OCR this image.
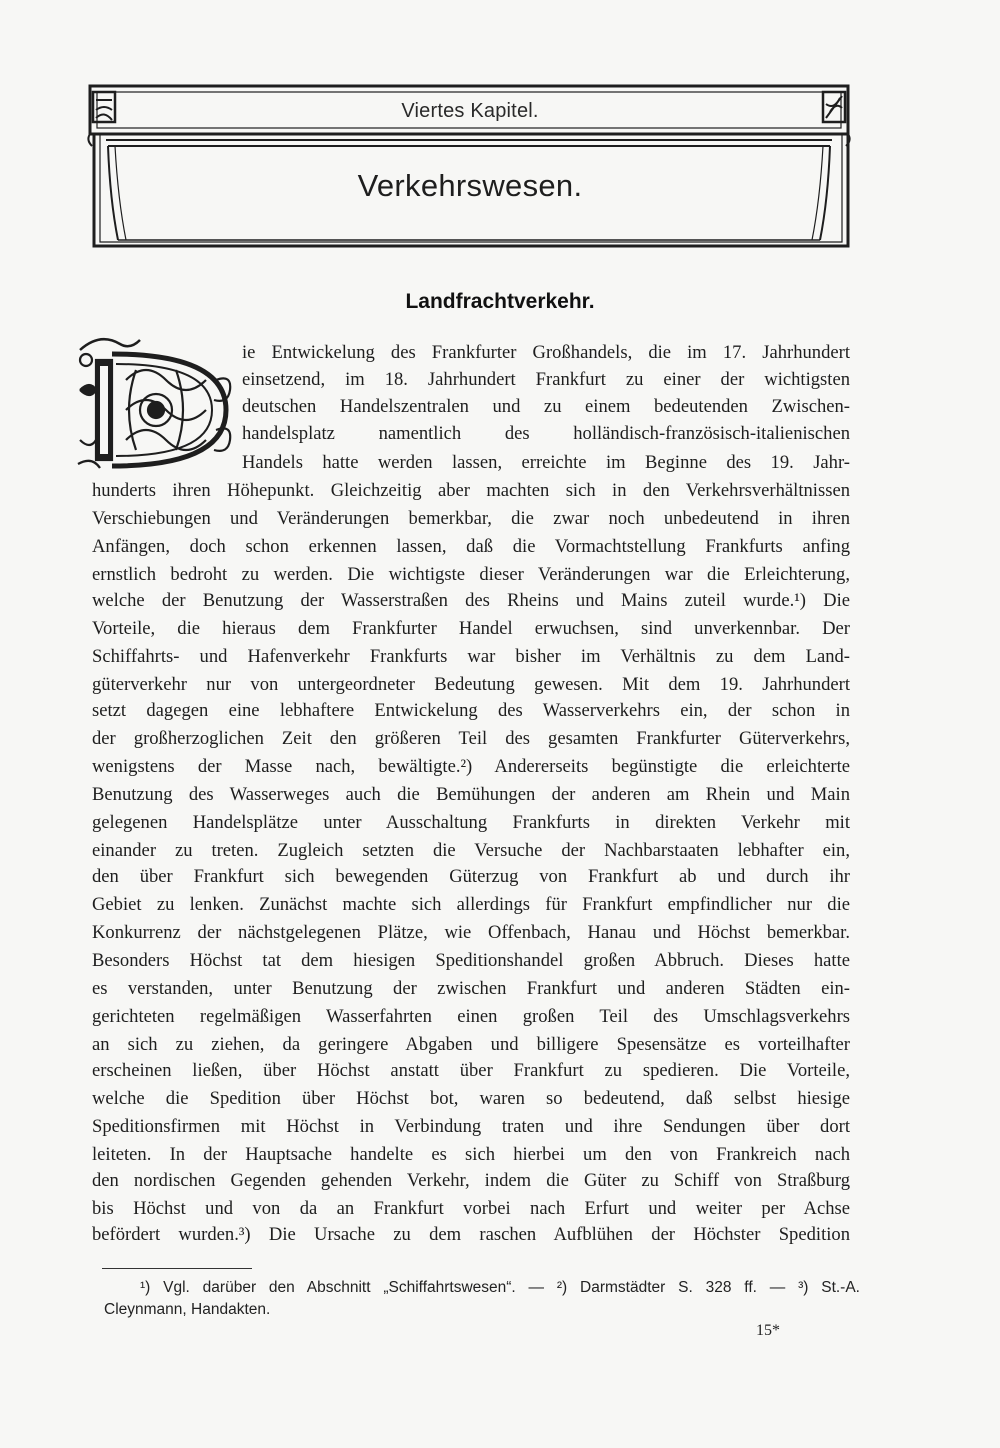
Viertes Kapitel.
Verkehrswesen.
Landfrachtverkehr.
ie Entwickelung des Frankfurter Großhandels, die im 17. Jahrhundert
einsetzend, im 18. Jahrhundert Frankfurt zu einer der wichtigsten
deutschen Handelszentralen und zu einem bedeutenden Zwischen-
handelsplatz namentlich des holländisch-französisch-italienischen
Handels hatte werden lassen, erreichte im Beginne des 19. Jahr-
hunderts ihren Höhepunkt. Gleichzeitig aber machten sich in den Verkehrsverhältnissen
Verschiebungen und Veränderungen bemerkbar, die zwar noch unbedeutend in ihren
Anfängen, doch schon erkennen lassen, daß die Vormachtstellung Frankfurts anfing
ernstlich bedroht zu werden. Die wichtigste dieser Veränderungen war die Erleichterung,
welche der Benutzung der Wasserstraßen des Rheins und Mains zuteil wurde.¹) Die
Vorteile, die hieraus dem Frankfurter Handel erwuchsen, sind unverkennbar. Der
Schiffahrts- und Hafenverkehr Frankfurts war bisher im Verhältnis zu dem Land-
güterverkehr nur von untergeordneter Bedeutung gewesen. Mit dem 19. Jahrhundert
setzt dagegen eine lebhaftere Entwickelung des Wasserverkehrs ein, der schon in
der großherzoglichen Zeit den größeren Teil des gesamten Frankfurter Güterverkehrs,
wenigstens der Masse nach, bewältigte.²) Andererseits begünstigte die erleichterte
Benutzung des Wasserweges auch die Bemühungen der anderen am Rhein und Main
gelegenen Handelsplätze unter Ausschaltung Frankfurts in direkten Verkehr mit
einander zu treten. Zugleich setzten die Versuche der Nachbarstaaten lebhafter ein,
den über Frankfurt sich bewegenden Güterzug von Frankfurt ab und durch ihr
Gebiet zu lenken. Zunächst machte sich allerdings für Frankfurt empfindlicher nur die
Konkurrenz der nächstgelegenen Plätze, wie Offenbach, Hanau und Höchst bemerkbar.
Besonders Höchst tat dem hiesigen Speditionshandel großen Abbruch. Dieses hatte
es verstanden, unter Benutzung der zwischen Frankfurt und anderen Städten ein-
gerichteten regelmäßigen Wasserfahrten einen großen Teil des Umschlagsverkehrs
an sich zu ziehen, da geringere Abgaben und billigere Spesensätze es vorteilhafter
erscheinen ließen, über Höchst anstatt über Frankfurt zu spedieren. Die Vorteile,
welche die Spedition über Höchst bot, waren so bedeutend, daß selbst hiesige
Speditionsfirmen mit Höchst in Verbindung traten und ihre Sendungen über dort
leiteten. In der Hauptsache handelte es sich hierbei um den von Frankreich nach
den nordischen Gegenden gehenden Verkehr, indem die Güter zu Schiff von Straßburg
bis Höchst und von da an Frankfurt vorbei nach Erfurt und weiter per Achse
befördert wurden.³) Die Ursache zu dem raschen Aufblühen der Höchster Spedition
¹) Vgl. darüber den Abschnitt „Schiffahrtswesen“. — ²) Darmstädter S. 328 ff. — ³) St.-A.
Cleynmann, Handakten.
15*
